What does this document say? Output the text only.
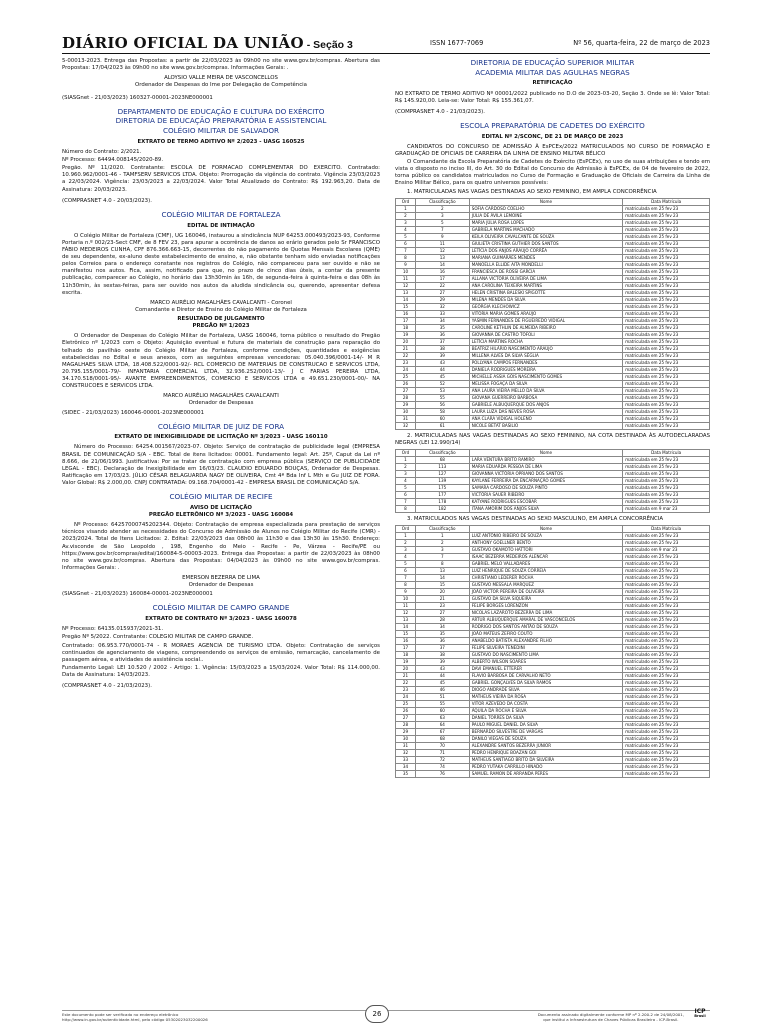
DIÁRIO OFICIAL DA UNIÃO - Seção 3	ISSN 1677-7069	Nº 56, quarta-feira, 22 de março de 2023
5-00013-2023. Entrega das Propostas: a partir de 22/03/2023 às 09h00 no site www.gov.br/compras. Abertura das Propostas: 17/04/2023 às 09h00 no site www.gov.br/compras. Informações Gerais: .
ALOYSIO VALLE MEIRA DE VASCONCELLOS
Ordenador de Despesas do Ime por Delegação de Competência
(SIASGnet - 21/03/2023) 160327-00001-2023NE000001
DEPARTAMENTO DE EDUCAÇÃO E CULTURA DO EXÉRCITO
DIRETORIA DE EDUCAÇÃO PREPARATÓRIA E ASSISTENCIAL
COLÉGIO MILITAR DE SALVADOR
EXTRATO DE TERMO ADITIVO Nº 2/2023 - UASG 160525
Número do Contrato: 2/2021.
Nº Processo: 64494.008145/2020-89.
Pregão. Nº 11/2020. Contratante: ESCOLA DE FORMACAO COMPLEMENTAR DO EXERCITO. Contratado: 10.960.962/0001-46 - TAMFSERV SERVICOS LTDA. Objeto: Prorrogação da vigência do contrato. Vigência 23/03/2023 a 22/03/2024. Vigência: 23/03/2023 a 22/03/2024. Valor Total Atualizado do Contrato: R$ 192.963,20. Data de Assinatura: 20/03/2023.
(COMPRASNET 4.0 - 20/03/2023).
COLÉGIO MILITAR DE FORTALEZA
EDITAL DE INTIMAÇÃO
O Colégio Militar de Fortaleza (CMF), UG 160046, instaurou a sindicância NUP 64253.000493/2023-93, Conforme Portaria n.º 002/23-Sect CMF, de 8 FEV 23, para apurar a ocorrência de danos ao erário gerados pelo Sr FRANCISCO FÁBIO MEDEIROS CUNHA, CPF 876.366.663-15, decorrentes do não pagamento de Quotas Mensais Escolares (QME) de seu dependente, ex-aluno deste estabelecimento de ensino, e, não obstante tenham sido enviadas notificações pelos Correios para o endereço constante nos registros do Colégio, não compareceu para ser ouvido e não se manifestou nos autos. Fica, assim, notificado para que, no prazo de cinco dias úteis, a contar da presente publicação, comparecer ao Colégio, no horário das 13h30min às 16h, de segunda-feira à quinta-feira e das 08h às 11h30min, às sextas-feiras, para ser ouvido nos autos da aludida sindicância ou, querendo, apresentar defesa escrita.
MARCO AURÉLIO MAGALHÃES CAVALCANTI - Coronel
Comandante e Diretor de Ensino do Colégio Militar de Fortaleza
RESULTADO DE JULGAMENTO
PREGÃO Nº 1/2023
O Ordenador de Despesas do Colégio Militar de Fortaleza, UASG 160046, torna público o resultado do Pregão Eletrônico nº 1/2023 com o Objeto: Aquisição eventual e futura de materiais de construção para reparação do telhado do pavilhão oeste do Colégio Militar de Fortaleza, conforme condições, quantidades e exigências estabelecidas no Edital e seus anexos, com as seguintes empresas vencedoras: 05.040.396/0001-14/- M R MAGALHAES SILVA LTDA, 18.408.522/0001-92/- RCL COMERCIO DE MATERIAIS DE CONSTRUCAO E SERVICOS LTDA, 20.795.155/0001-79/- INFANTARIA COMERCIAL LTDA, 32.936.252/0001-13/- J C FARIAS PEREIRA LTDA, 34.170.518/0001-95/- AVANTE EMPREENDIMENTOS, COMERCIO E SERVICOS LTDA e 49.651.230/0001-00/- NA CONSTRUCOES E SERVICOS LTDA.
MARCO AURÉLIO MAGALHÃES CAVALCANTI
Ordenador de Despesas
(SIDEC - 21/03/2023) 160046-00001-2023NE000001
COLÉGIO MILITAR DE JUIZ DE FORA
EXTRATO DE INEXIGIBILIDADE DE LICITAÇÃO Nº 3/2023 - UASG 160110
Número do Processo: 64254.001567/2023-07. Objeto: Serviço de contratação de publicidade legal (EMPRESA BRASIL DE COMUNICAÇÃO S/A - EBC. Total de itens licitados: 00001. Fundamento legal: Art. 25º, Caput da Lei nº 8.666, de 21/06/1993. Justificativa: Por se tratar de contratação com empresa pública (SERVIÇO DE PUBLICIDADE LEGAL - EBC). Declaração de Inexigibilidade em 16/03/23. CLAUDIO EDUARDO BOUÇAS, Ordenador de Despesas. Ratificação em 17/03/23. JÚLIO CÉSAR BELAGUARDA NAGY DE OLIVEIRA, Cmt 4ª Bda Inf L Mth e Gu JUIZ DE FORA. Valor Global: R$ 2.000,00. CNPJ CONTRATADA: 09.168.704/0001-42 - EMPRESA BRASIL DE COMUNICAÇÃO S/A.
COLÉGIO MILITAR DE RECIFE
AVISO DE LICITAÇÃO
PREGÃO ELETRÔNICO Nº 3/2023 - UASG 160084
Nº Processo: 64257000745202344. Objeto: Contratação de empresa especializada para prestação de serviços técnicos visando atender as necessidades do Concurso de Admissão de Alunos no Colégio Militar do Recife (CMR) - 2023/2024. Total de Itens Licitados: 2. Edital: 22/03/2023 das 08h00 às 11h30 e das 13h30 às 15h30. Endereço: Av.visconde de São Leopoldo , 198, Engenho do Meio - Recife - Pe, Várzea - Recife/PE ou https://www.gov.br/compras/edital/160084-5-00003-2023. Entrega das Propostas: a partir de 22/03/2023 às 08h00 no site www.gov.br/compras. Abertura das Propostas: 04/04/2023 às 09h00 no site www.gov.br/compras. Informações Gerais: .
EMERSON BEZERRA DE LIMA
Ordenador de Despesas
(SIASGnet - 21/03/2023) 160084-00001-2023NE000001
COLÉGIO MILITAR DE CAMPO GRANDE
EXTRATO DE CONTRATO Nº 3/2023 - UASG 160078
Nº Processo: 64135.015937/2021-31.
Pregão Nº 5/2022. Contratante: COLEGIO MILITAR DE CAMPO GRANDE.
Contratado: 06.953.770/0001-74 - R MORAES AGENCIA DE TURISMO LTDA. Objeto: Contratação de serviços continuados de agenciamento de viagens, compreendendo os serviços de emissão, remarcação, cancelamento de passagem aérea, e atividades de assistência social..
Fundamento Legal: LEI 10.520 / 2002 - Artigo: 1. Vigência: 15/03/2023 a 15/03/2024. Valor Total: R$ 114.000,00. Data de Assinatura: 14/03/2023.
(COMPRASNET 4.0 - 21/03/2023).
DIRETORIA DE EDUCAÇÃO SUPERIOR MILITAR
ACADEMIA MILITAR DAS AGULHAS NEGRAS
RETIFICAÇÃO
NO EXTRATO DE TERMO ADITIVO Nº 00001/2022 publicado no D.O de 2023-03-20, Seção 3. Onde se lê: Valor Total: R$ 145.920,00. Leia-se: Valor Total: R$ 155.361,07.
(COMPRASNET 4.0 - 21/03/2023).
ESCOLA PREPARATÓRIA DE CADETES DO EXÉRCITO
EDITAL Nº 2/SCONC, DE 21 DE MARÇO DE 2023
CANDIDATOS DO CONCURSO DE ADMISSÃO À EsPCEx/2022 MATRICULADOS NO CURSO DE FORMAÇÃO E GRADUAÇÃO DE OFICIAIS DE CARREIRA DA LINHA DE ENSINO MILITAR BÉLICO
O Comandante da Escola Preparatória de Cadetes do Exército (EsPCEx), no uso de suas atribuições e tendo em vista o disposto no inciso III, do Art. 30 do Edital do Concurso de Admissão à EsPCEx, de 04 de fevereiro de 2022, torna público os candidatos matriculados no Curso de Formação e Graduação de Oficiais de Carreira da Linha de Ensino Militar Bélico, para os quatro universos possíveis:
1. MATRICULADAS NAS VAGAS DESTINADAS AO SEXO FEMININO, EM AMPLA CONCORRÊNCIA
Ord	Classificação	Nome	Data Matrícula
1	2	SOFIA CARDOSO COELHO	matriculada em 25 fev 23
2	3	JÚLIA DE ÁVILA LEMOINE	matriculada em 25 fev 23
3	5	MARIA JÚLIA ROSA LOPES	matriculada em 25 fev 23
4	7	GABRIELA MARTINS MACHADO	matriculada em 25 fev 23
5	9	KEILA OLIVEIRA CAVALCANTE DE SOUZA	matriculada em 25 fev 23
6	11	GIULIETA CRISTINA GUTHIER DOS SANTOS	matriculada em 25 fev 23
7	12	LETÍCIA DOS ANJOS ARAÚJO CORRÊA	matriculada em 25 fev 23
8	13	MARIANA GUIMARÃES MENDES	matriculada em 25 fev 23
9	14	MANOELLA ELLIDE AITA MONDELLI	matriculada em 25 fev 23
10	16	FRANCIESCA DE ROSSI GARCIA	matriculada em 25 fev 23
11	17	ALLANA VICTÓRIA OLIVEIRA DE LIMA	matriculada em 25 fev 23
12	22	ANA CAROLINA TEIXEIRA MARTINS	matriculada em 25 fev 23
13	27	HELEN CRISTINA BALESKI SPIGOTTE	matriculada em 25 fev 23
14	29	MILENA MENDES DA SILVA	matriculada em 25 fev 23
15	32	GEÓRGIA KLECHOWICZ	matriculada em 25 fev 23
16	33	VITÓRIA MARIA GOMES ARAÚJO	matriculada em 25 fev 23
17	34	YASMIN FERNANDES DE FIGUEIREDO VIDIGAL	matriculada em 25 fev 23
18	35	CAROLINE KETHLIN DE ALMEIDA RIBEIRO	matriculada em 25 fev 23
19	36	GIOVANNA DE CASTRO TÓFOLI	matriculada em 25 fev 23
20	37	LETÍCIA MARTINS ROCHA	matriculada em 25 fev 23
21	38	BEATRIZ HILÁRIO NASCIMENTO ARAÚJO	matriculada em 25 fev 23
22	39	MILLENA ALVES DA SILVA SÉGLIA	matriculada em 25 fev 23
23	43	POLLYANA CAMPOS FERNANDES	matriculada em 25 fev 23
24	44	DANIELA RODRIGUES MOREIRA	matriculada em 25 fev 23
25	45	MICHELLE ASSIA GÓIS NASCIMENTO GOMES	matriculada em 25 fev 23
26	52	MELISSA FOGAÇA DA SILVA	matriculada em 25 fev 23
27	53	ANA LAURA VIEIRA MELLO DA SILVA	matriculada em 25 fev 23
28	55	GIOVANA GUERREIRO BARBOSA	matriculada em 25 fev 23
29	56	GABRIELE ALBUQUERQUE DOS ANJOS	matriculada em 25 fev 23
30	58	LAURA LUZA DAS NEVES ROSA	matriculada em 25 fev 23
31	60	ANA CLARA VIDIGAL HOLENO	matriculada em 25 fev 23
32	61	NICOLE BETAT BASILIO	matriculada em 25 fev 23
2. MATRICULADAS NAS VAGAS DESTINADAS AO SEXO FEMININO, NA COTA DESTINADA ÀS AUTODECLARADAS NEGRAS (LEI 12.990/14)
Ord	Classificação	Nome	Data Matrícula
1	68	LARA VENTURA BRITO RAMIRO	matriculada em 25 fev 23
2	113	MARIA EDUARDA PESSOA DE LIMA	matriculada em 25 fev 23
3	127	GIOVANNA VICTÓRIA OPRIANO DOS SANTOS	matriculada em 25 fev 23
4	139	KAYLANE FERREIRA DA ENCARNAÇÃO GOMES	matriculada em 25 fev 23
5	175	SAMARA CARDOSO DE SOUZA PINTO	matriculada em 25 fev 23
6	177	VICTÓRIA SAUER RIBEIRO	matriculada em 25 fev 23
7	178	KATYANE RODRIGUES ESCOBAR	matriculada em 25 fev 23
8	182	ITANA AMORIM DOS ANJOS SILVA	matriculada em 9 mar 23
3. MATRICULADOS NAS VAGAS DESTINADAS AO SEXO MASCULINO, EM AMPLA CONCORRÊNCIA
Ord	Classificação	Nome	Data Matrícula
1	1	LUIZ ANTÔNIO RIBEIRO DE SOUZA	matriculado em 25 fev 23
2	2	ANTHONY GOELLNER BENTO	matriculado em 25 fev 23
3	3	GUSTAVO OKAMOTO HATTORI	matriculado em 9 mar 23
4	7	ISAAC BEZERRA MEDEIROS ALENCAR	matriculado em 25 fev 23
5	8	GABRIEL MELO VALLADARES	matriculado em 25 fev 23
6	13	LUIZ HENRIQUE DE SOUZA CORREIA	matriculado em 25 fev 23
7	14	CHRISTIANO LEDERER ROCHA	matriculado em 25 fev 23
8	15	GUSTAVO MESSALA MARQUEZ	matriculado em 25 fev 23
9	20	JOÃO VICTOR PEREIRA DE OLIVEIRA	matriculado em 25 fev 23
10	21	GUSTAVO DA SILVA SIQUEIRA	matriculado em 25 fev 23
11	23	FELIPE BORGES LORENZON	matriculado em 25 fev 23
12	27	NICOLAS LAZAROTO BEZERRA DE LIMA	matriculado em 25 fev 23
13	28	ARTUR ALBUQUERQUE AMARAL DE VASCONCELOS	matriculado em 25 fev 23
14	34	RODRIGO DOS SANTOS ANTÃO DE SOUZA	matriculado em 25 fev 23
15	35	JOÃO MATEUS ZEFIRO COUTO	matriculado em 25 fev 23
16	36	ANABELDO BATISTA ALEXANDRE FILHO	matriculado em 25 fev 23
17	37	FELIPE SILVEIRA TENEDINI	matriculado em 25 fev 23
18	38	GUSTAVO DO NASCIMENTO LIMA	matriculado em 25 fev 23
19	39	ALBERTO WILSON SOARES	matriculado em 25 fev 23
20	43	DAVI EMANUEL ETTERER	matriculado em 25 fev 23
21	44	FLAVIO BARBOSA DE CARVALHO NETO	matriculado em 25 fev 23
22	45	GABRIEL GONÇALVES DA SILVA RAMOS	matriculado em 25 fev 23
23	46	DIOGO ANDRADE SILVA	matriculado em 25 fev 23
24	51	MATHEUS VIEIRA DA ROSA	matriculado em 25 fev 23
25	55	VITOR AZEVEDO DA COSTA	matriculado em 25 fev 23
26	60	ÁQUILA DA ROCHA E SILVA	matriculado em 25 fev 23
27	63	DANIEL TORRES DA SILVA	matriculado em 25 fev 23
28	64	PAULO MIGUEL DANIEL DA SILVA	matriculado em 25 fev 23
29	67	BERNARDO SILVESTRE DE VARGAS	matriculado em 25 fev 23
30	68	DANILO VIEGAS DE SOUZA	matriculado em 25 fev 23
31	70	ALEXANDRE SANTOS BEZERRA JÚNIOR	matriculado em 25 fev 23
32	71	PEDRO HENRIQUE BOAZAN GOI	matriculado em 25 fev 23
33	72	MATHEUS SANTIAGO BRITO DA SILVEIRA	matriculado em 25 fev 23
34	74	PEDRO YUTAKA CARRILLO HINADO	matriculado em 25 fev 23
35	76	SAMUEL RAMON DE ARRANDA PERES	matriculado em 25 fev 23
Este documento pode ser verificado no endereço eletrônico
http://www.in.gov.br/autenticidade.html, pelo código 05302023032200026
26	Documento assinado digitalmente conforme MP nº 2.200-2 de 24/08/2001,
que institui a Infraestrutura de Chaves Públicas Brasileira - ICP-Brasil.
ICP
Brasil
